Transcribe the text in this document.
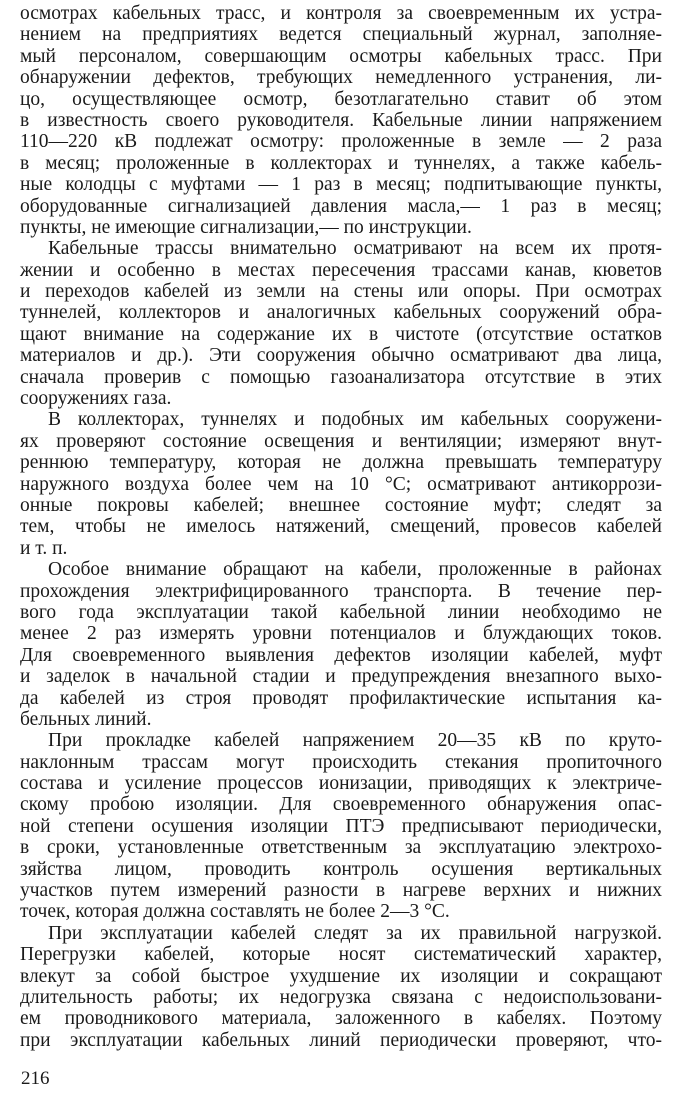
осмотрах кабельных трасс, и контроля за своевременным их устра-
нением на предприятиях ведется специальный журнал, заполняе-
мый персоналом, совершающим осмотры кабельных трасс. При
обнаружении дефектов, требующих немедленного устранения, ли-
цо, осуществляющее осмотр, безотлагательно ставит об этом
в известность своего руководителя. Кабельные линии напряжением
110—220 кВ подлежат осмотру: проложенные в земле — 2 раза
в месяц; проложенные в коллекторах и туннелях, а также кабель-
ные колодцы с муфтами — 1 раз в месяц; подпитывающие пункты,
оборудованные сигнализацией давления масла,— 1 раз в месяц;
пункты, не имеющие сигнализации,— по инструкции.
Кабельные трассы внимательно осматривают на всем их протя-
жении и особенно в местах пересечения трассами канав, кюветов
и переходов кабелей из земли на стены или опоры. При осмотрах
туннелей, коллекторов и аналогичных кабельных сооружений обра-
щают внимание на содержание их в чистоте (отсутствие остатков
материалов и др.). Эти сооружения обычно осматривают два лица,
сначала проверив с помощью газоанализатора отсутствие в этих
сооружениях газа.
В коллекторах, туннелях и подобных им кабельных сооружени-
ях проверяют состояние освещения и вентиляции; измеряют внут-
реннюю температуру, которая не должна превышать температуру
наружного воздуха более чем на 10 °С; осматривают антикоррози-
онные покровы кабелей; внешнее состояние муфт; следят за
тем, чтобы не имелось натяжений, смещений, провесов кабелей
и т. п.
Особое внимание обращают на кабели, проложенные в районах
прохождения электрифицированного транспорта. В течение пер-
вого года эксплуатации такой кабельной линии необходимо не
менее 2 раз измерять уровни потенциалов и блуждающих токов.
Для своевременного выявления дефектов изоляции кабелей, муфт
и заделок в начальной стадии и предупреждения внезапного выхо-
да кабелей из строя проводят профилактические испытания ка-
бельных линий.
При прокладке кабелей напряжением 20—35 кВ по круто-
наклонным трассам могут происходить стекания пропиточного
состава и усиление процессов ионизации, приводящих к электриче-
скому пробою изоляции. Для своевременного обнаружения опас-
ной степени осушения изоляции ПТЭ предписывают периодически,
в сроки, установленные ответственным за эксплуатацию электрохо-
зяйства лицом, проводить контроль осушения вертикальных
участков путем измерений разности в нагреве верхних и нижних
точек, которая должна составлять не более 2—3 °С.
При эксплуатации кабелей следят за их правильной нагрузкой.
Перегрузки кабелей, которые носят систематический характер,
влекут за собой быстрое ухудшение их изоляции и сокращают
длительность работы; их недогрузка связана с недоиспользовани-
ем проводникового материала, заложенного в кабелях. Поэтому
при эксплуатации кабельных линий периодически проверяют, что-
216
